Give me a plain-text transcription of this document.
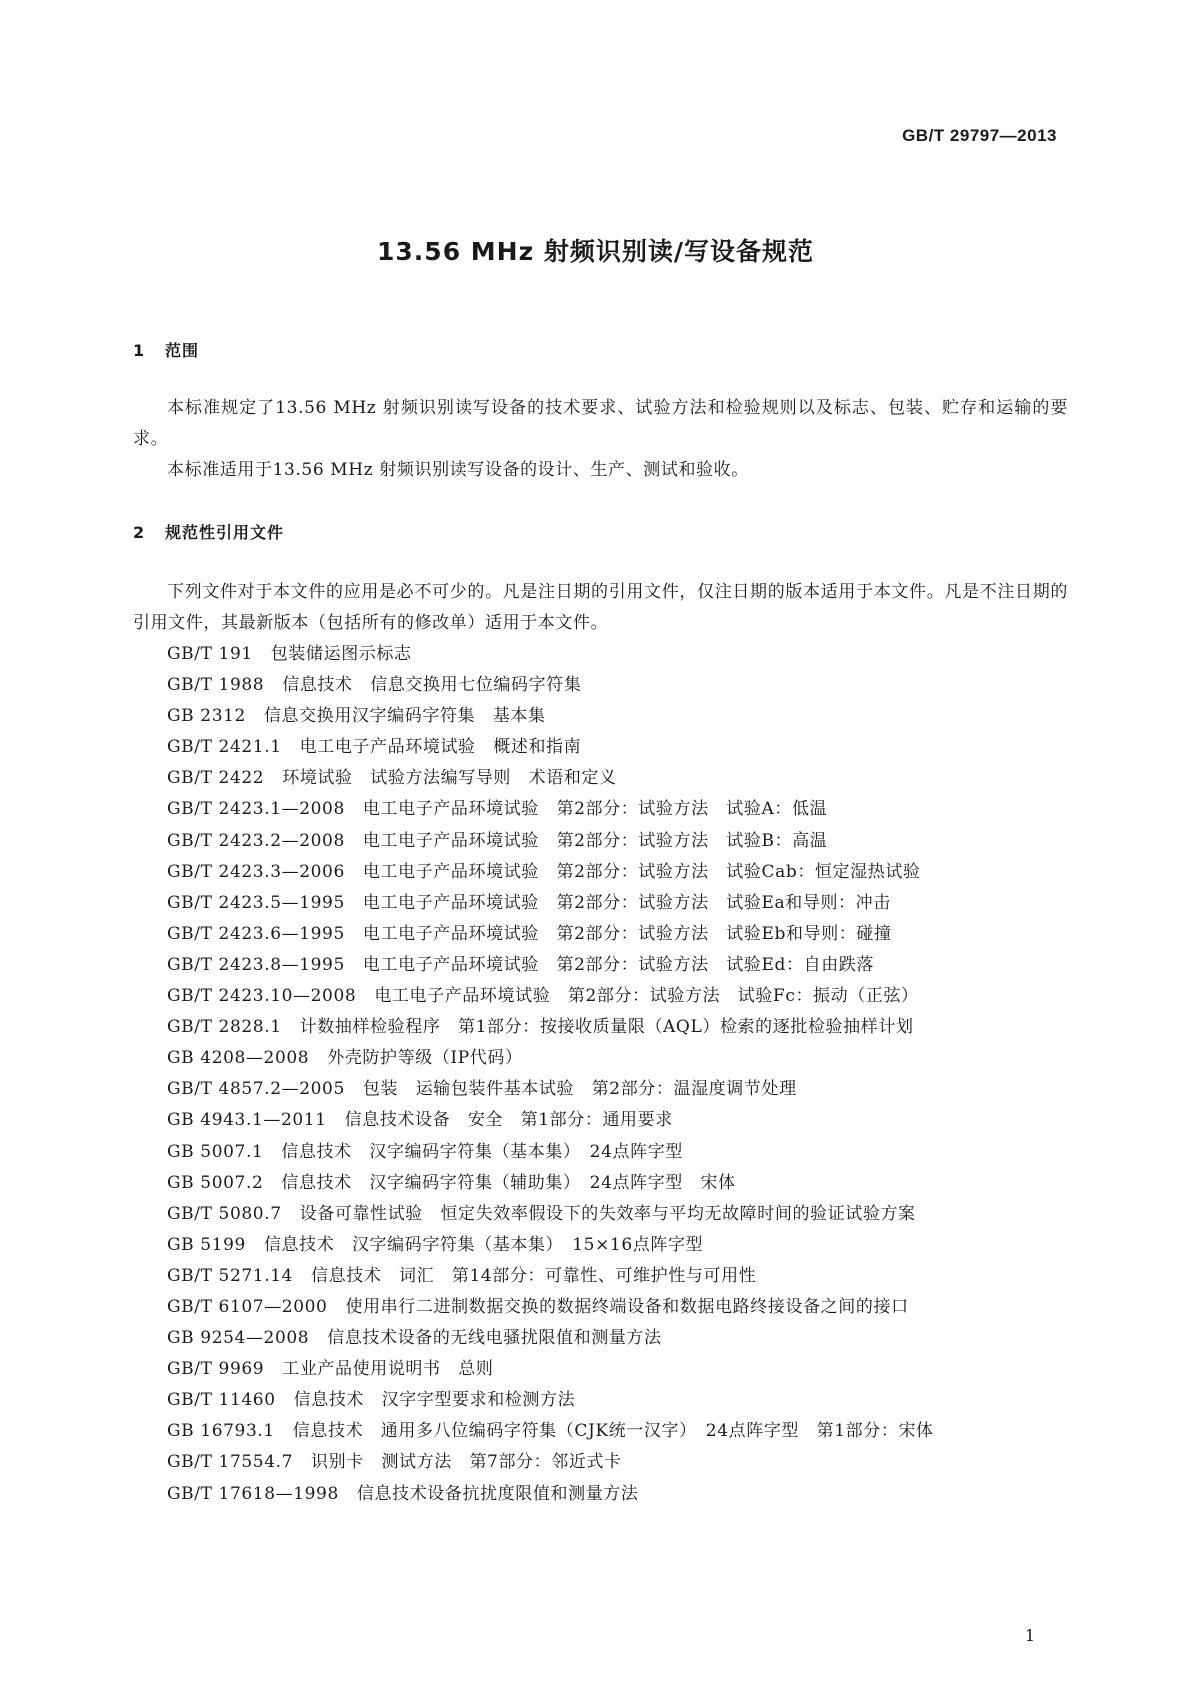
GB/T 29797—2013
13.56 MHz 射频识别读/写设备规范
1 范围
本标准规定了13.56 MHz 射频识别读写设备的技术要求、试验方法和检验规则以及标志、包装、贮存和运输的要求。
本标准适用于13.56 MHz 射频识别读写设备的设计、生产、测试和验收。
2 规范性引用文件
下列文件对于本文件的应用是必不可少的。凡是注日期的引用文件，仅注日期的版本适用于本文件。凡是不注日期的引用文件，其最新版本（包括所有的修改单）适用于本文件。
GB/T 191 包装储运图示标志
GB/T 1988 信息技术　信息交换用七位编码字符集
GB 2312 信息交换用汉字编码字符集　基本集
GB/T 2421.1 电工电子产品环境试验　概述和指南
GB/T 2422 环境试验　试验方法编写导则　术语和定义
GB/T 2423.1—2008 电工电子产品环境试验　第2部分：试验方法　试验A：低温
GB/T 2423.2—2008 电工电子产品环境试验　第2部分：试验方法　试验B：高温
GB/T 2423.3—2006 电工电子产品环境试验　第2部分：试验方法　试验Cab：恒定湿热试验
GB/T 2423.5—1995 电工电子产品环境试验　第2部分：试验方法　试验Ea和导则：冲击
GB/T 2423.6—1995 电工电子产品环境试验　第2部分：试验方法　试验Eb和导则：碰撞
GB/T 2423.8—1995 电工电子产品环境试验　第2部分：试验方法　试验Ed：自由跌落
GB/T 2423.10—2008 电工电子产品环境试验　第2部分：试验方法　试验Fc：振动（正弦）
GB/T 2828.1 计数抽样检验程序　第1部分：按接收质量限（AQL）检索的逐批检验抽样计划
GB 4208—2008 外壳防护等级（IP代码）
GB/T 4857.2—2005 包装　运输包装件基本试验　第2部分：温湿度调节处理
GB 4943.1—2011 信息技术设备　安全　第1部分：通用要求
GB 5007.1 信息技术　汉字编码字符集（基本集）　24点阵字型
GB 5007.2 信息技术　汉字编码字符集（辅助集）　24点阵字型　宋体
GB/T 5080.7 设备可靠性试验　恒定失效率假设下的失效率与平均无故障时间的验证试验方案
GB 5199 信息技术　汉字编码字符集（基本集）　15×16点阵字型
GB/T 5271.14 信息技术　词汇　第14部分：可靠性、可维护性与可用性
GB/T 6107—2000 使用串行二进制数据交换的数据终端设备和数据电路终接设备之间的接口
GB 9254—2008 信息技术设备的无线电骚扰限值和测量方法
GB/T 9969 工业产品使用说明书　总则
GB/T 11460 信息技术　汉字字型要求和检测方法
GB 16793.1 信息技术　通用多八位编码字符集（CJK统一汉字）　24点阵字型　第1部分：宋体
GB/T 17554.7 识别卡　测试方法　第7部分：邻近式卡
GB/T 17618—1998 信息技术设备抗扰度限值和测量方法
1
